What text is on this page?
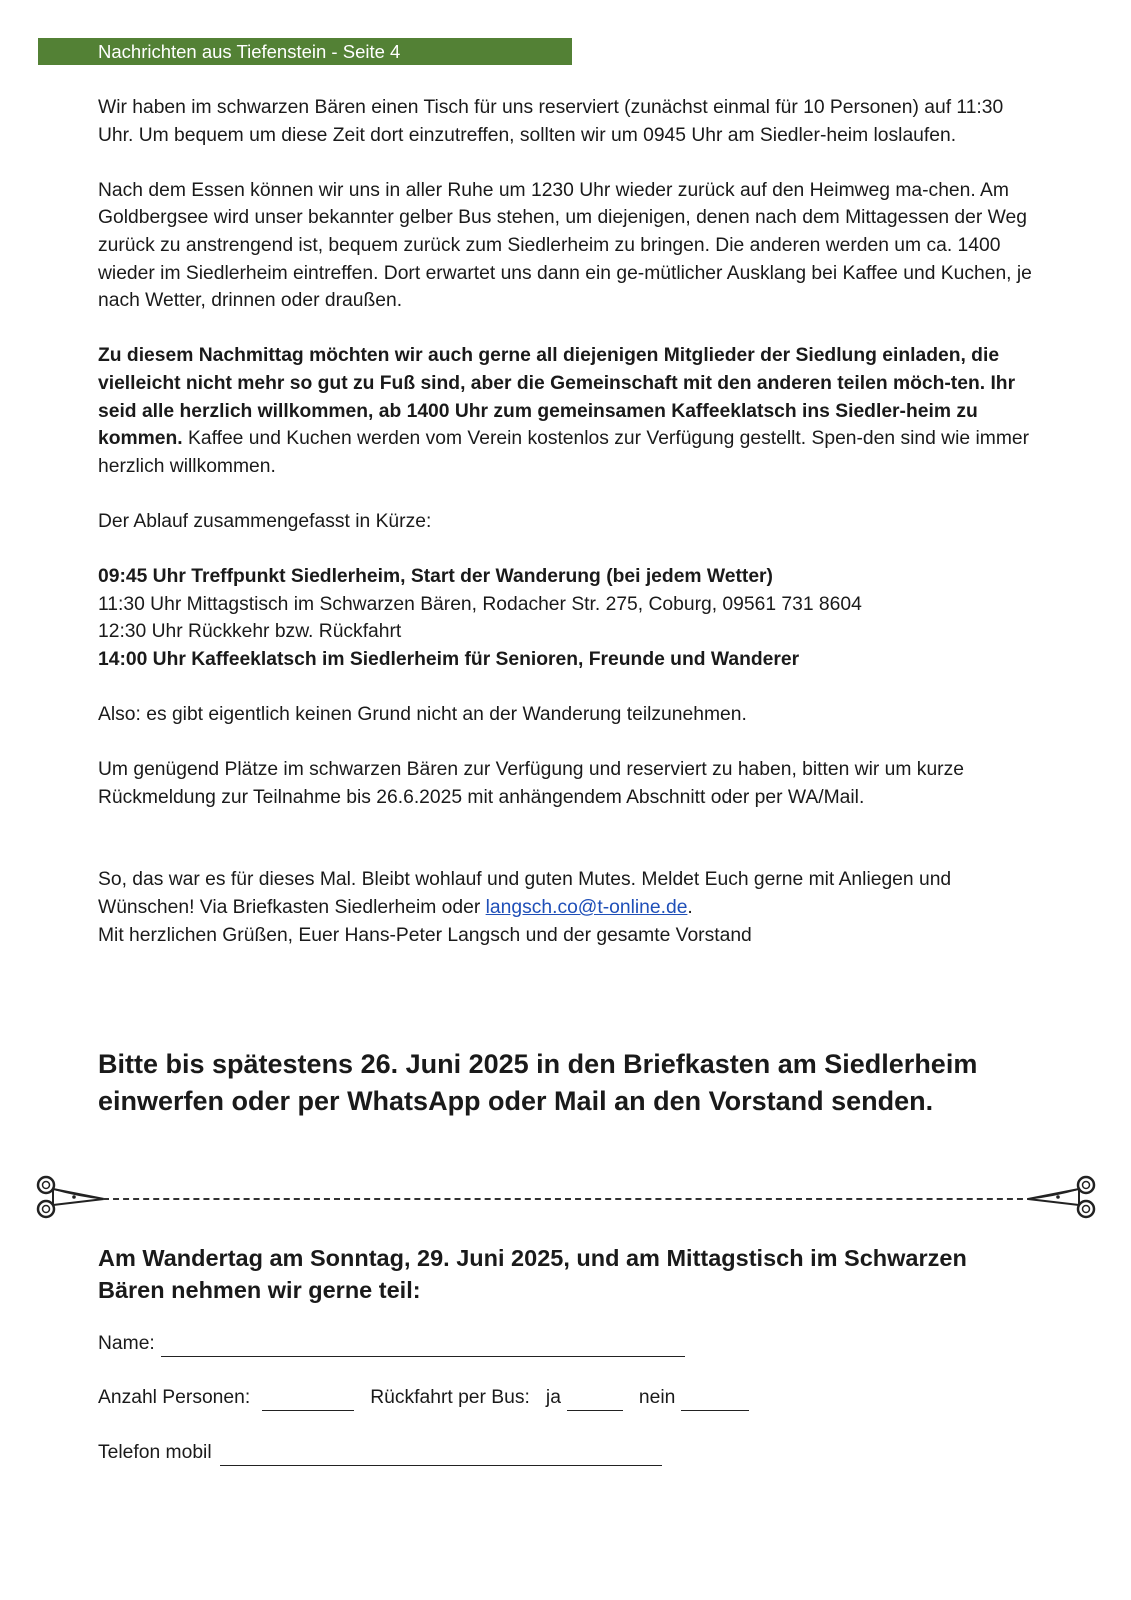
Nachrichten aus Tiefenstein - Seite 4

Wir haben im schwarzen Bären einen Tisch für uns reserviert (zunächst einmal für 10 Personen) auf 11:30 Uhr. Um bequem um diese Zeit dort einzutreffen, sollten wir um 0945 Uhr am Siedler-heim loslaufen.

Nach dem Essen können wir uns in aller Ruhe um 1230 Uhr wieder zurück auf den Heimweg ma-chen. Am Goldbergsee wird unser bekannter gelber Bus stehen, um diejenigen, denen nach dem Mittagessen der Weg zurück zu anstrengend ist, bequem zurück zum Siedlerheim zu bringen. Die anderen werden um ca. 1400 wieder im Siedlerheim eintreffen. Dort erwartet uns dann ein ge-mütlicher Ausklang bei Kaffee und Kuchen, je nach Wetter, drinnen oder draußen.

Zu diesem Nachmittag möchten wir auch gerne all diejenigen Mitglieder der Siedlung einladen, die vielleicht nicht mehr so gut zu Fuß sind, aber die Gemeinschaft mit den anderen teilen möch-ten. Ihr seid alle herzlich willkommen, ab 1400 Uhr zum gemeinsamen Kaffeeklatsch ins Siedler-heim zu kommen. Kaffee und Kuchen werden vom Verein kostenlos zur Verfügung gestellt. Spen-den sind wie immer herzlich willkommen.

Der Ablauf zusammengefasst in Kürze:

09:45 Uhr Treffpunkt Siedlerheim, Start der Wanderung (bei jedem Wetter)

11:30 Uhr Mittagstisch im Schwarzen Bären, Rodacher Str. 275, Coburg, 09561 731 8604

12:30 Uhr Rückkehr bzw. Rückfahrt

14:00 Uhr Kaffeeklatsch im Siedlerheim für Senioren, Freunde und Wanderer

Also: es gibt eigentlich keinen Grund nicht an der Wanderung teilzunehmen.

Um genügend Plätze im schwarzen Bären zur Verfügung und reserviert zu haben, bitten wir um kurze Rückmeldung zur Teilnahme bis 26.6.2025 mit anhängendem Abschnitt oder per WA/Mail.

So, das war es für dieses Mal. Bleibt wohlauf und guten Mutes. Meldet Euch gerne mit Anliegen und Wünschen! Via Briefkasten Siedlerheim oder langsch.co@t-online.de.

Mit herzlichen Grüßen, Euer Hans-Peter Langsch und der gesamte Vorstand

Bitte bis spätestens 26. Juni 2025 in den Briefkasten am Siedlerheim einwerfen oder per WhatsApp oder Mail an den Vorstand senden.
Am Wandertag am Sonntag, 29. Juni 2025, und am Mittagstisch im Schwarzen Bären nehmen wir gerne teil:
Name:
Anzahl Personen:	Rückfahrt per Bus: ja	nein
Telefon mobil
